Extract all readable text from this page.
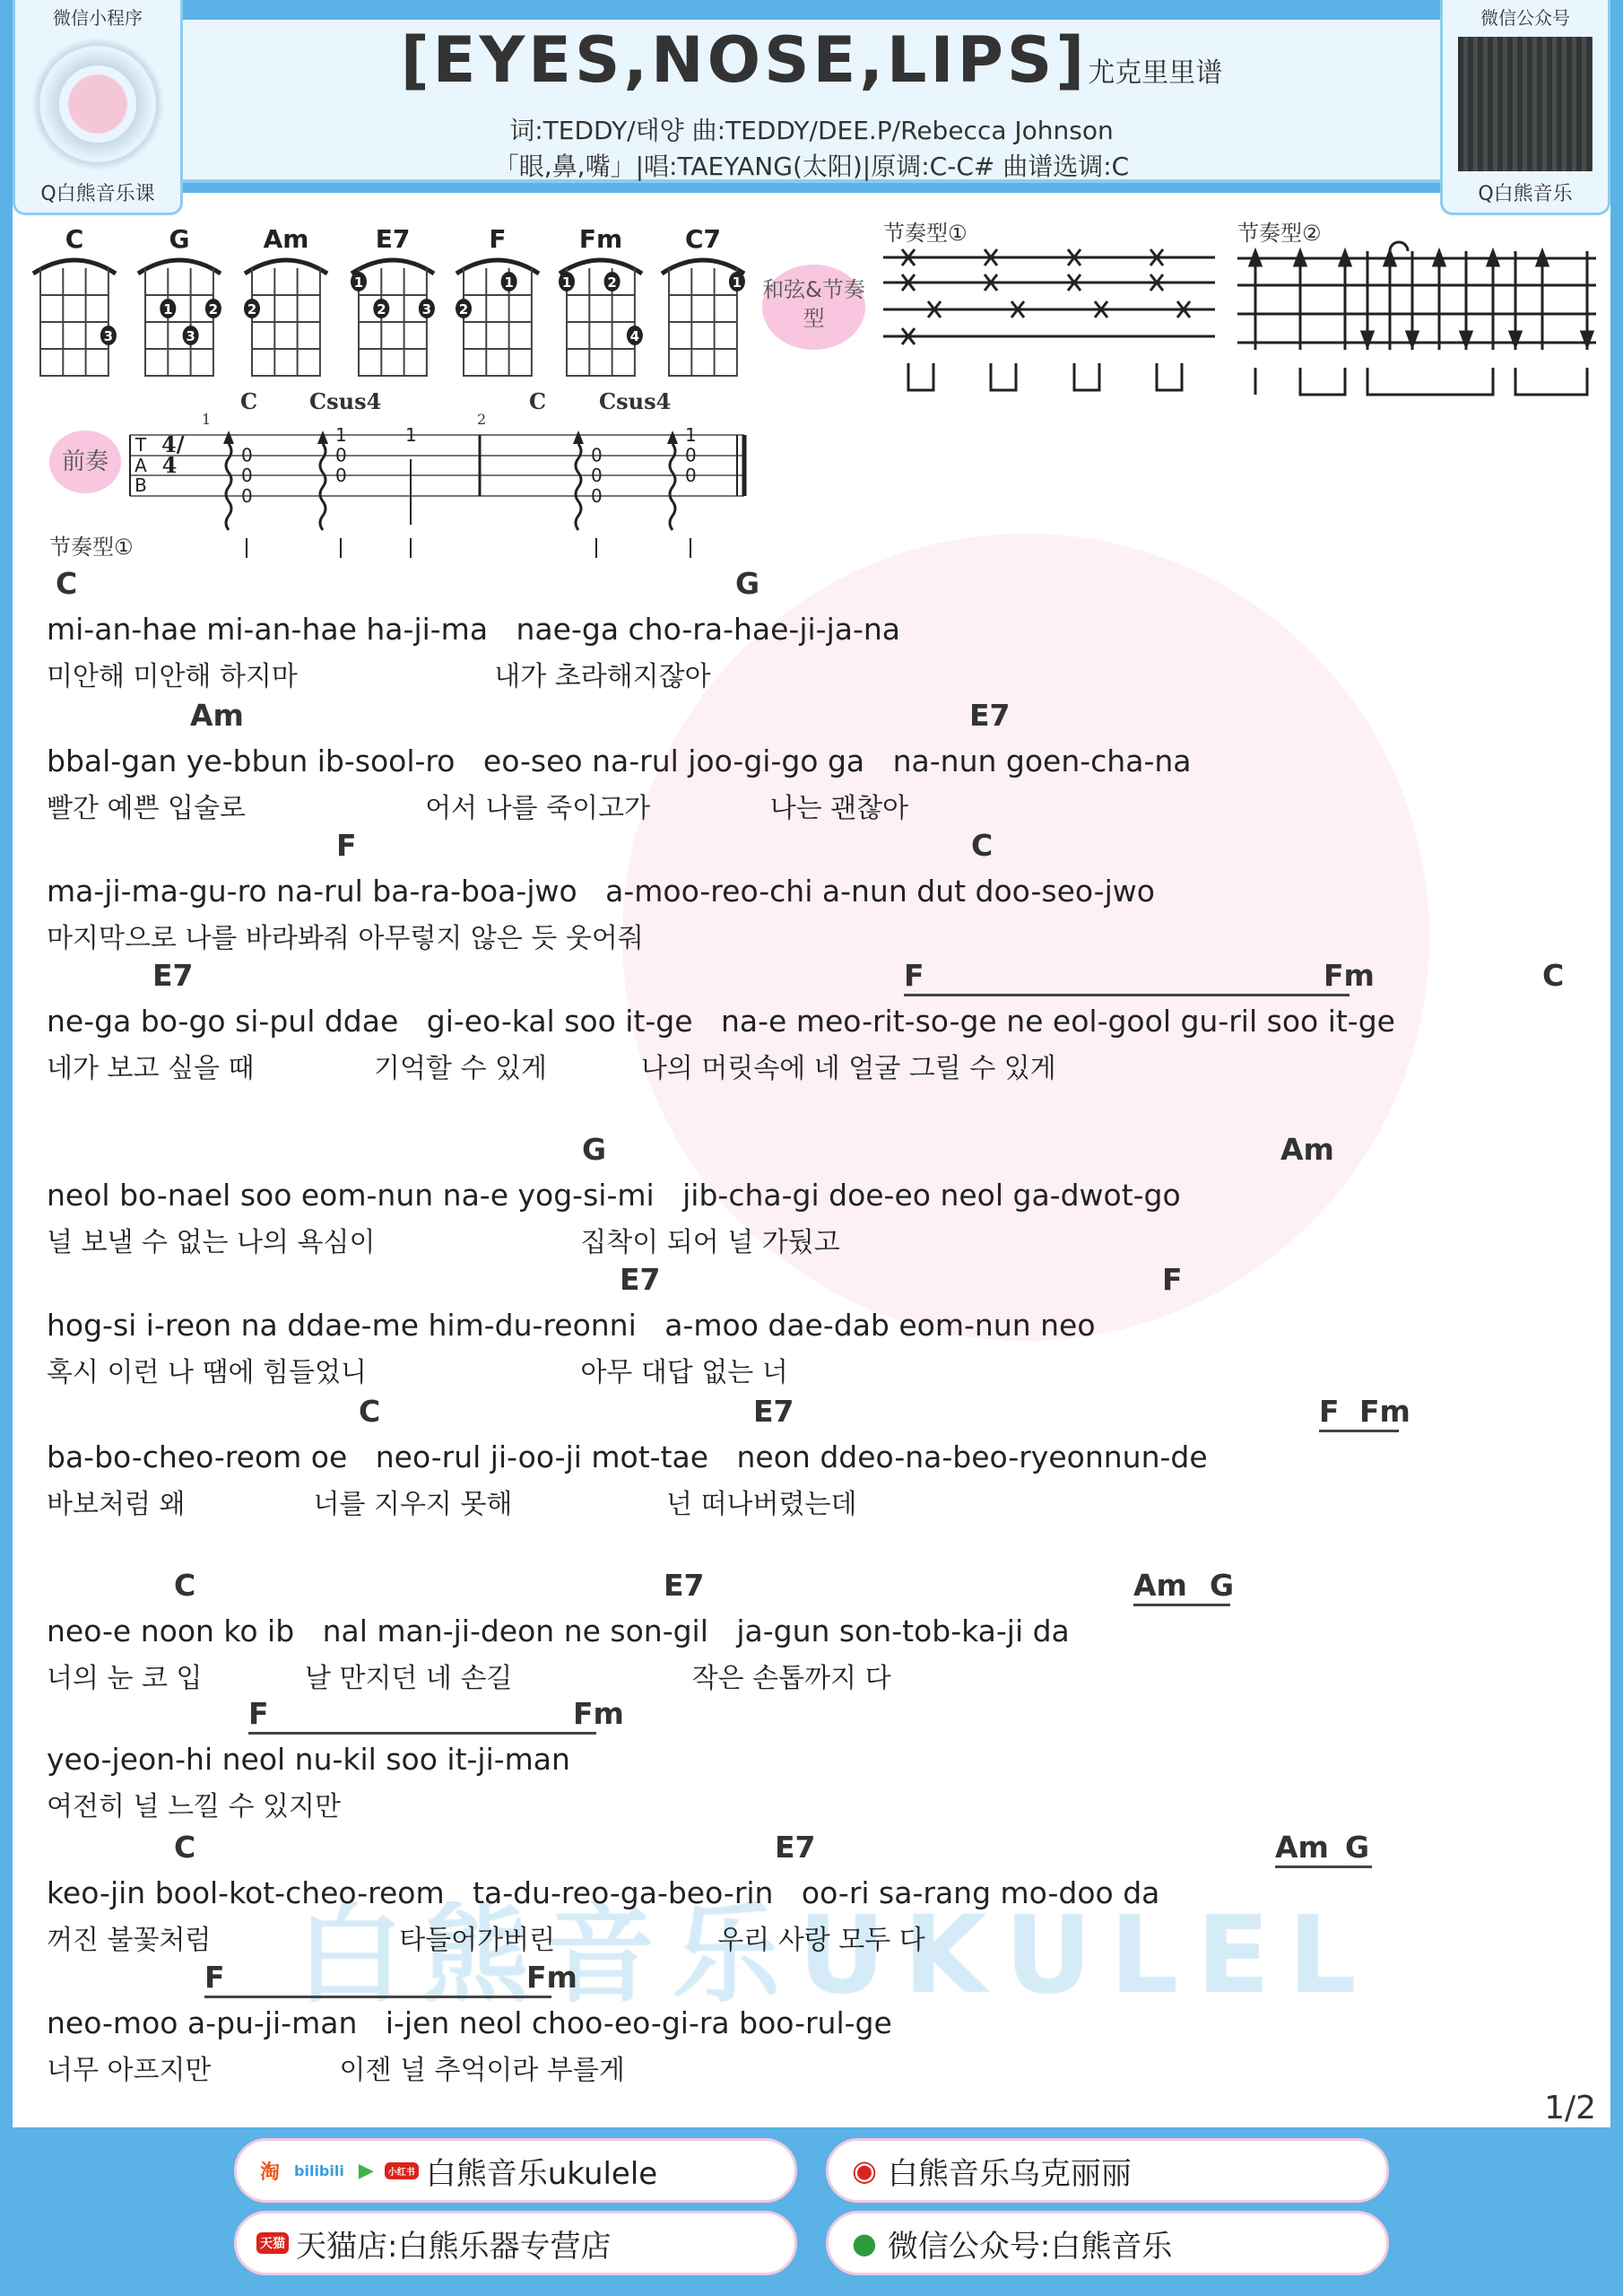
微信小程序
Q白熊音乐课
[EYES,NOSE,LIPS]尤克里里谱
词:TEDDY/태양 曲:TEDDY/DEE.P/Rebecca Johnson
「眼,鼻,嘴」|唱:TAEYANG(太阳)|原调:C-C# 曲谱选调:C
微信公众号
Q白熊音乐
C
3
G
1	2
3
Am
2
E7
1
2	3
F
1
2
Fm
1	2
4
C7
1 和弦&节奏型
节奏型①	节奏型②
前奏	0
0
0
1
0
0
1
0
0
0
1
0
0
TAB
4/4
C Csus4	C Csus4
1	2
节奏型①
C	G
mi-an-hae mi-an-hae ha-ji-ma   nae-ga cho-ra-hae-ji-ja-na
미안해 미안해 하지마                       내가 초라해지잖아
Am	E7
bbal-gan ye-bbun ib-sool-ro   eo-seo na-rul joo-gi-go ga   na-nun goen-cha-na
빨간 예쁜 입술로                     어서 나를 죽이고가              나는 괜찮아
F	C
ma-ji-ma-gu-ro na-rul ba-ra-boa-jwo   a-moo-reo-chi a-nun dut doo-seo-jwo
마지막으로 나를 바라봐줘 아무렇지 않은 듯 웃어줘
E7	F	Fm	C
ne-ga bo-go si-pul ddae   gi-eo-kal soo it-ge   na-e meo-rit-so-ge ne eol-gool gu-ril soo it-ge
네가 보고 싶을 때              기억할 수 있게           나의 머릿속에 네 얼굴 그릴 수 있게
G	Am
neol bo-nael soo eom-nun na-e yog-si-mi   jib-cha-gi doe-eo neol ga-dwot-go
널 보낼 수 없는 나의 욕심이                        집착이 되어 널 가뒀고
E7	F
hog-si i-reon na ddae-me him-du-reonni   a-moo dae-dab eom-nun neo
혹시 이런 나 땜에 힘들었니                         아무 대답 없는 너
C	E7	F Fm
ba-bo-cheo-reom oe   neo-rul ji-oo-ji mot-tae   neon ddeo-na-beo-ryeonnun-de
바보처럼 왜               너를 지우지 못해                  넌 떠나버렸는데
C	E7	Am G
neo-e noon ko ib   nal man-ji-deon ne son-gil   ja-gun son-tob-ka-ji da
너의 눈 코 입            날 만지던 네 손길                     작은 손톱까지 다
F	Fm
yeo-jeon-hi neol nu-kil soo it-ji-man
여전히 널 느낄 수 있지만
C	E7	Am G
keo-jin bool-kot-cheo-reom   ta-du-reo-ga-beo-rin   oo-ri sa-rang mo-doo da
꺼진 불꽃처럼                      타들어가버린                   우리 사랑 모두 다
F	Fm
neo-moo a-pu-ji-man   i-jen neol choo-eo-gi-ra boo-rul-ge
너무 아프지만               이젠 널 추억이라 부를게
1/2
淘 bilibili ▶	小红书 白熊音乐ukulele	◉ 白熊音乐乌克丽丽
天猫 天猫店:白熊乐器专营店	● 微信公众号:白熊音乐
